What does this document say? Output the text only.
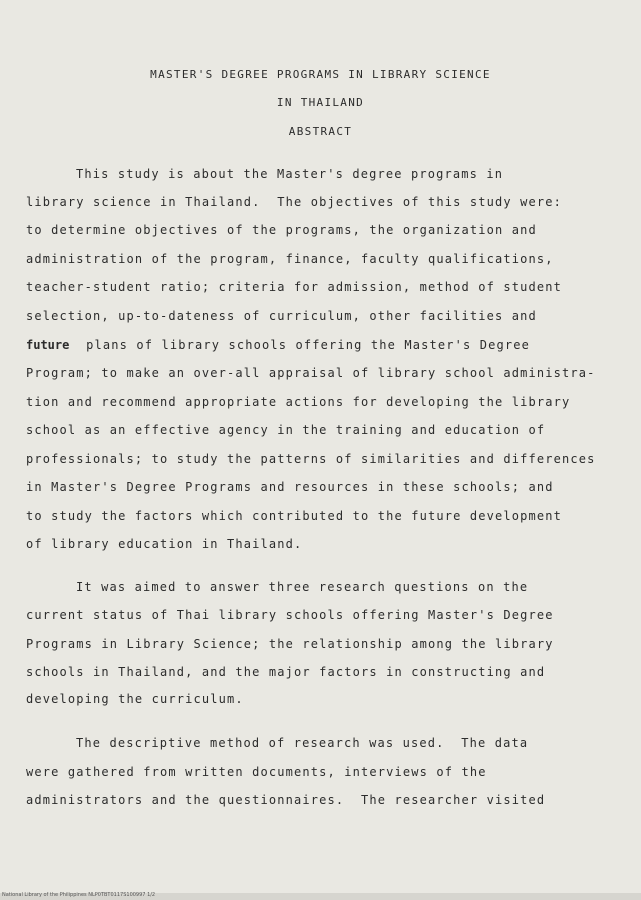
MASTER'S DEGREE PROGRAMS IN LIBRARY SCIENCE
IN THAILAND
ABSTRACT
This study is about the Master's degree programs in
library science in Thailand.  The objectives of this study were:
to determine objectives of the programs, the organization and
administration of the program, finance, faculty qualifications,
teacher-student ratio; criteria for admission, method of student
selection, up-to-dateness of curriculum, other facilities and
future  plans of library schools offering the Master's Degree
Program; to make an over-all appraisal of library school administra-
tion and recommend appropriate actions for developing the library
school as an effective agency in the training and education of
professionals; to study the patterns of similarities and differences
in Master's Degree Programs and resources in these schools; and
to study the factors which contributed to the future development
of library education in Thailand.
It was aimed to answer three research questions on the
current status of Thai library schools offering Master's Degree
Programs in Library Science; the relationship among the library
schools in Thailand, and the major factors in constructing and
developing the curriculum.
The descriptive method of research was used.  The data
were gathered from written documents, interviews of the
administrators and the questionnaires.  The researcher visited
National Library of the Philippines NLP0TBT0117S100997 1/2
